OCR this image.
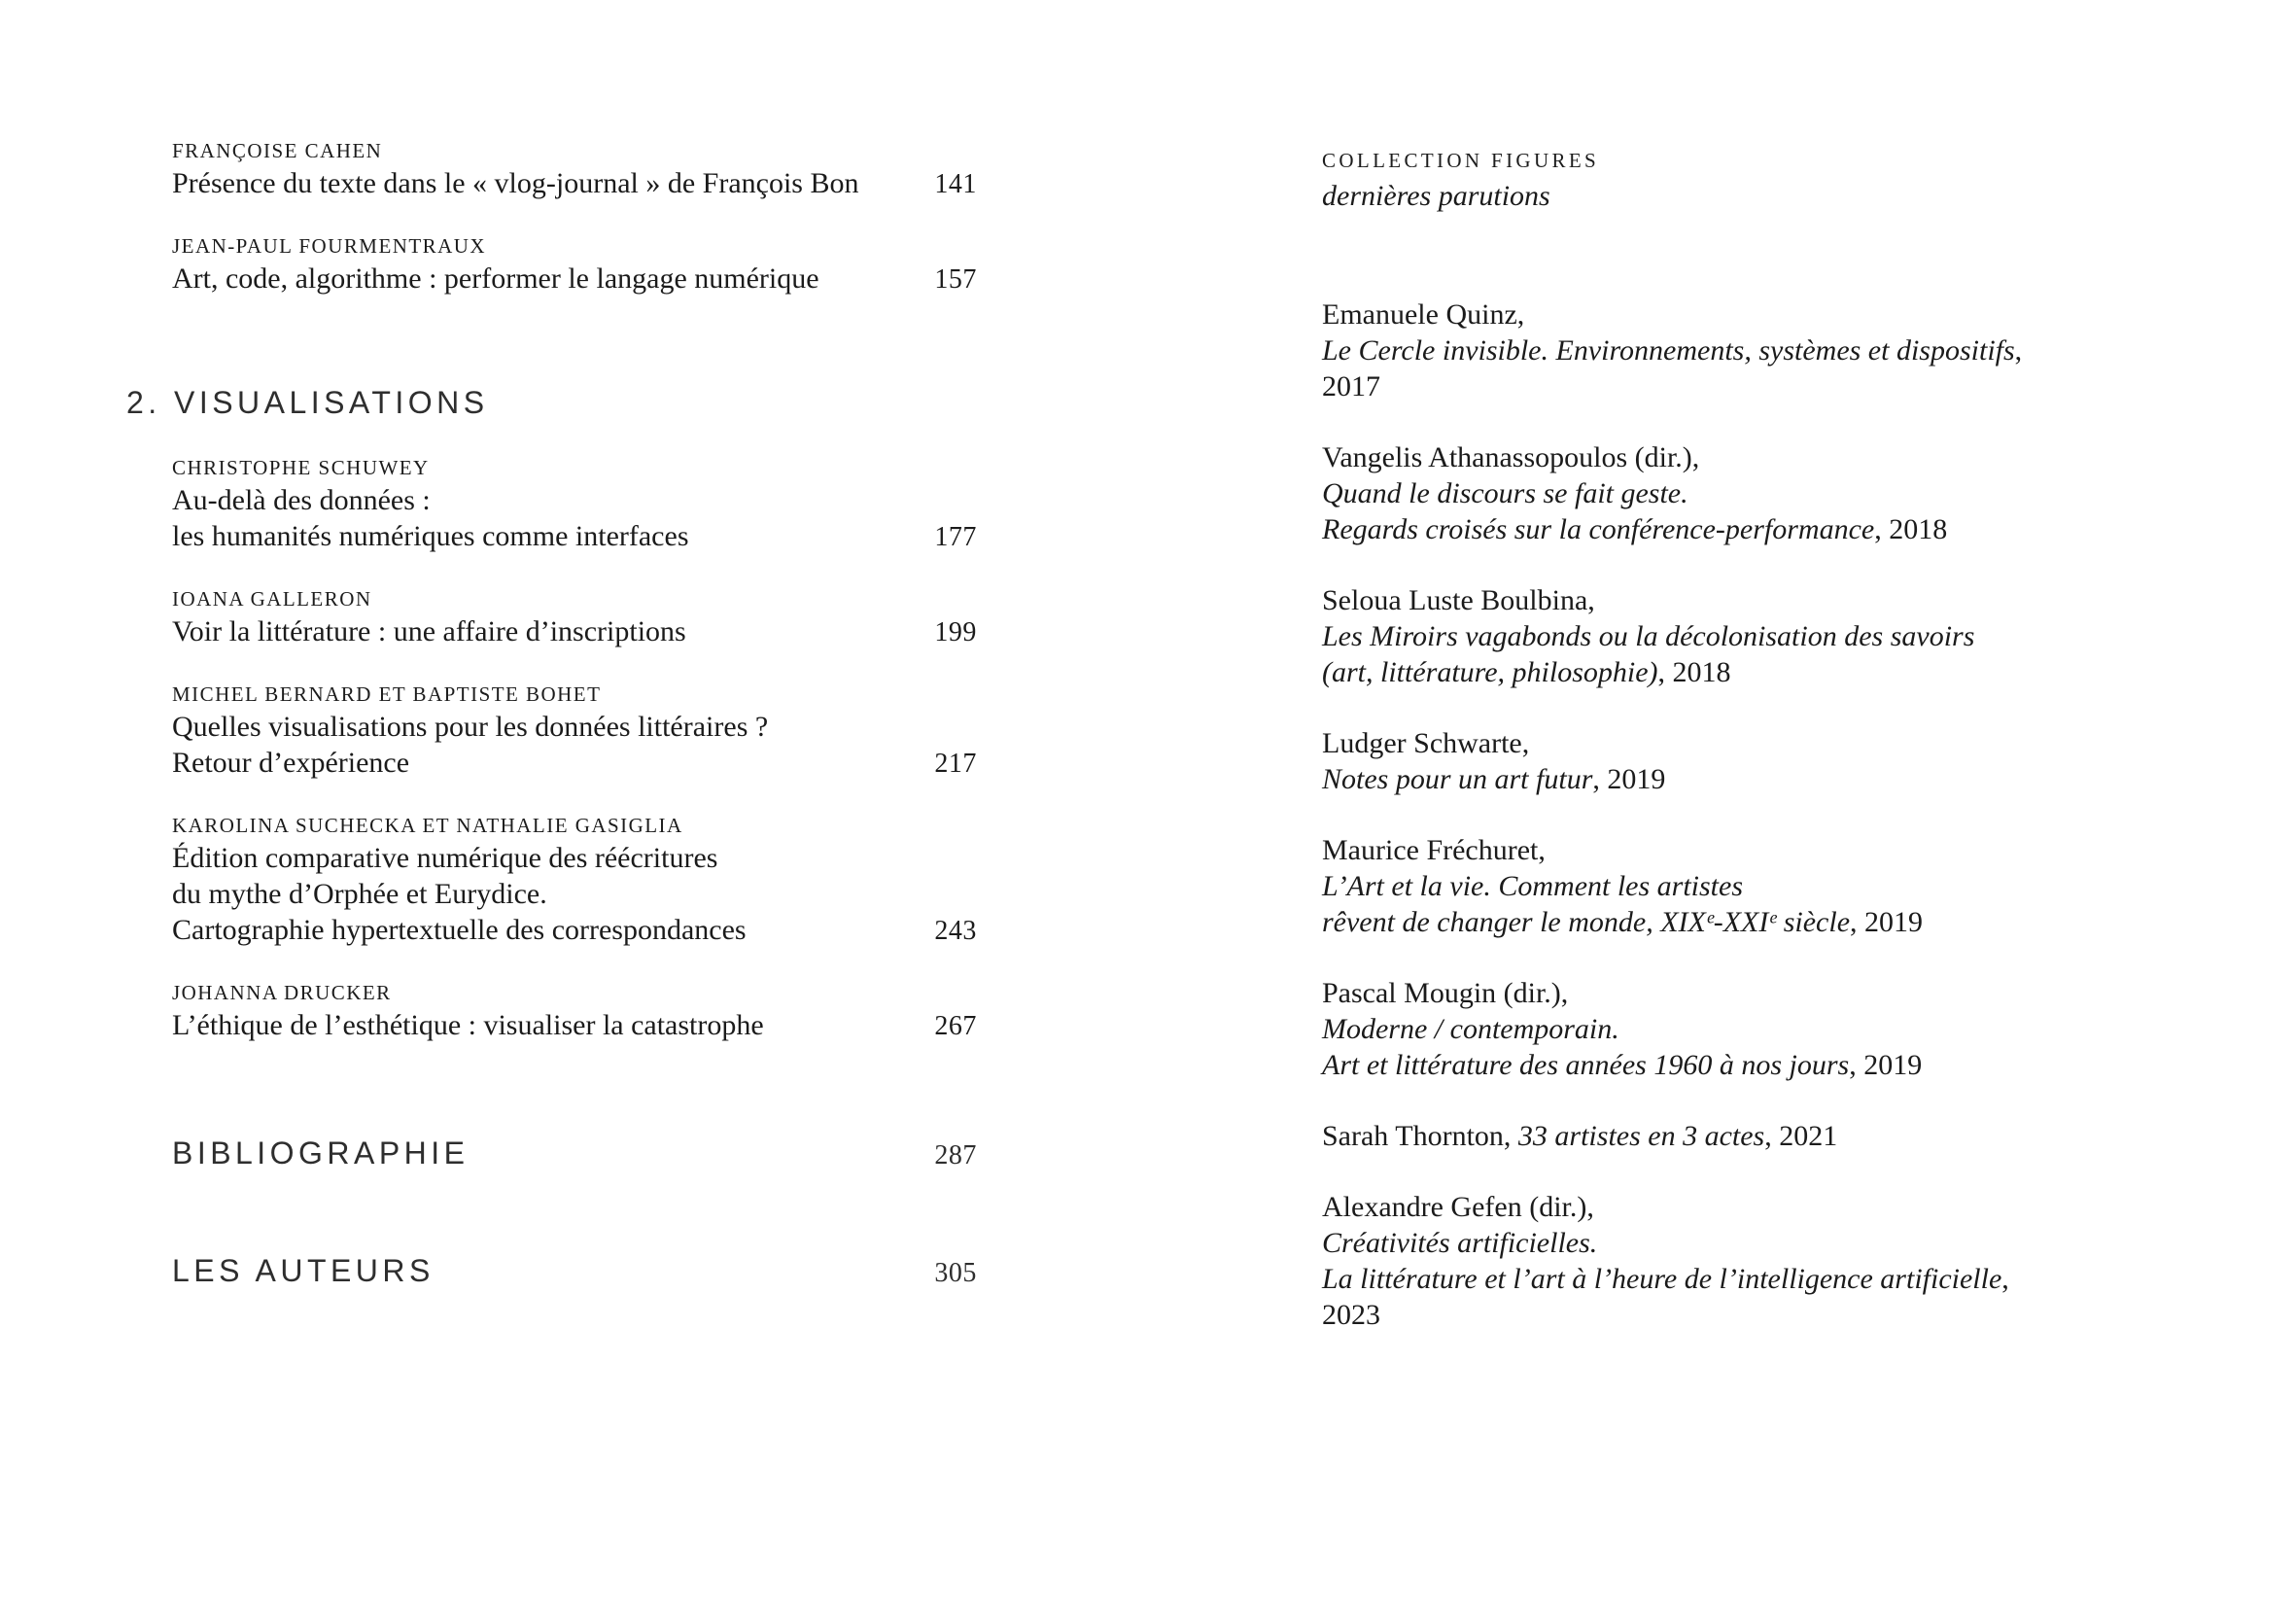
FRANÇOISE CAHEN
Présence du texte dans le « vlog-journal » de François Bon	141
JEAN-PAUL FOURMENTRAUX
Art, code, algorithme : performer le langage numérique	157
2. VISUALISATIONS
CHRISTOPHE SCHUWEY
Au-delà des données :
les humanités numériques comme interfaces	177
IOANA GALLERON
Voir la littérature : une affaire d’inscriptions	199
MICHEL BERNARD ET BAPTISTE BOHET
Quelles visualisations pour les données littéraires ?
Retour d’expérience	217
KAROLINA SUCHECKA ET NATHALIE GASIGLIA
Édition comparative numérique des réécritures
du mythe d’Orphée et Eurydice.
Cartographie hypertextuelle des correspondances	243
JOHANNA DRUCKER
L’éthique de l’esthétique : visualiser la catastrophe	267
BIBLIOGRAPHIE	287
LES AUTEURS	305
COLLECTION FIGURES
dernières parutions
Emanuele Quinz,
Le Cercle invisible. Environnements, systèmes et dispositifs, 2017
Vangelis Athanassopoulos (dir.),
Quand le discours se fait geste.
Regards croisés sur la conférence-performance, 2018
Seloua Luste Boulbina,
Les Miroirs vagabonds ou la décolonisation des savoirs
(art, littérature, philosophie), 2018
Ludger Schwarte,
Notes pour un art futur, 2019
Maurice Fréchuret,
L’Art et la vie. Comment les artistes
rêvent de changer le monde, XIXᵉ-XXIᵉ siècle, 2019
Pascal Mougin (dir.),
Moderne / contemporain.
Art et littérature des années 1960 à nos jours, 2019
Sarah Thornton, 33 artistes en 3 actes, 2021
Alexandre Gefen (dir.),
Créativités artificielles.
La littérature et l’art à l’heure de l’intelligence artificielle, 2023
